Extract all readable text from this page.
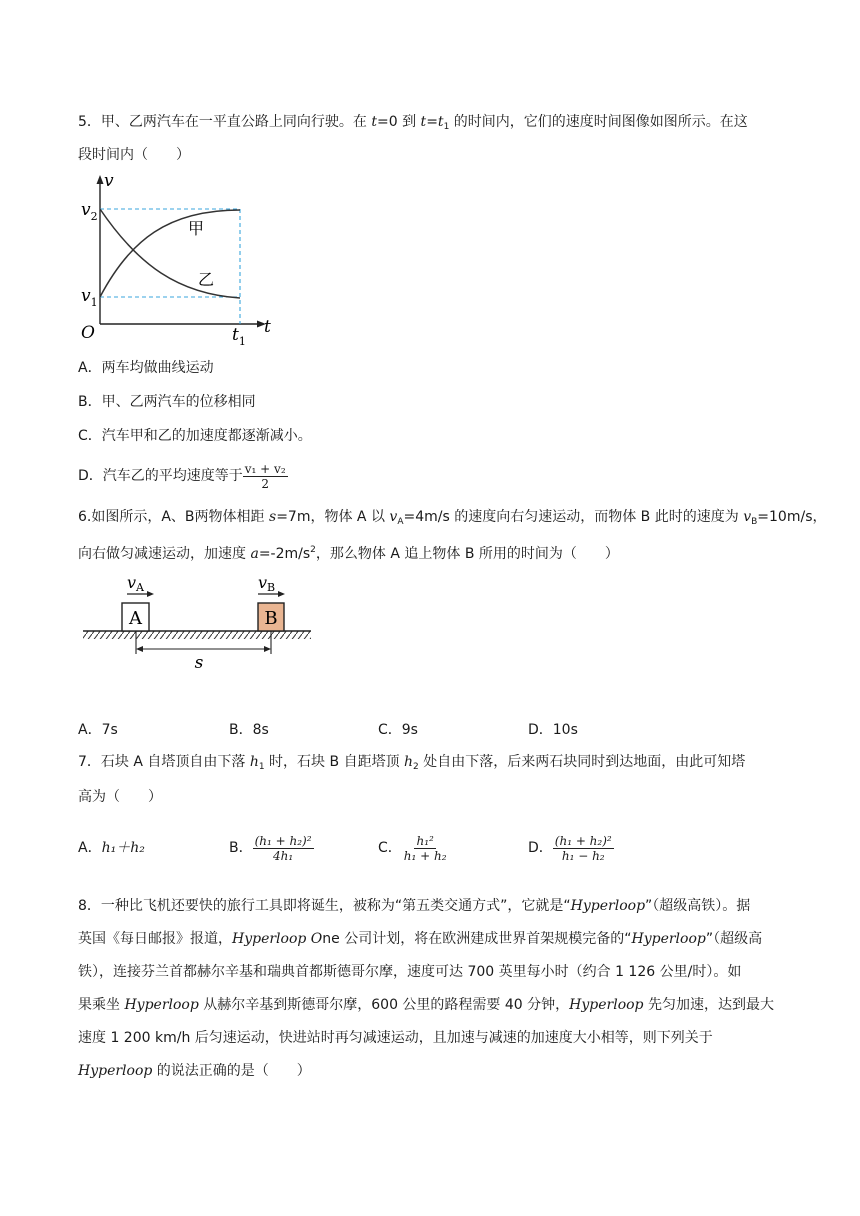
5．甲、乙两汽车在一平直公路上同向行驶。在 t=0 到 $t=t_1$ 的时间内，它们的速度时间图像如图所示。在这
段时间内（　　）
v
t
O
$v_2$
$v_1$
$t_1$
甲
乙
A．两车均做曲线运动
B．甲、乙两汽车的位移相同
C．汽车甲和乙的加速度都逐渐减小。
D．汽车乙的平均速度等于 $\frac{\text{v₁ + v₂}}{2}$
6.如图所示，A、B两物体相距 s=7m，物体 A 以 $v_A=4m/s$ 的速度向右匀速运动，而物体 B 此时的速度为 $v_B=10m/s$，
向右做匀减速运动，加速度 $a=-2m/s^2$，那么物体 A 追上物体 B 所用的时间为（　　）
A	B
vA	vB
s
A．7s	B．8s	C．9s	D．10s
7．石块 A 自塔顶自由下落 $h_1$ 时，石块 B 自距塔顶 $h_2$ 处自由下落，后来两石块同时到达地面，由此可知塔
高为（　　）
A．h₁＋h₂	B． $\frac{\text{(h₁ + h₂)²}}{\text{4h₁}}$	C． $\frac{\text{h₁²}}{\text{h₁ + h₂}}$	D． $\frac{\text{(h₁ + h₂)²}}{\text{h₁ − h₂}}$
8．一种比飞机还要快的旅行工具即将诞生，被称为“第五类交通方式”，它就是“Hyperloop”（超级高铁）。据
英国《每日邮报》报道，Hyperloop One 公司计划，将在欧洲建成世界首架规模完备的“Hyperloop”（超级高
铁），连接芬兰首都赫尔辛基和瑞典首都斯德哥尔摩，速度可达 700 英里每小时（约合 1 126 公里/时）。如
果乘坐 Hyperloop 从赫尔辛基到斯德哥尔摩，600 公里的路程需要 40 分钟，Hyperloop 先匀加速，达到最大
速度 1 200 km/h 后匀速运动，快进站时再匀减速运动，且加速与减速的加速度大小相等，则下列关于
Hyperloop 的说法正确的是（　　）
